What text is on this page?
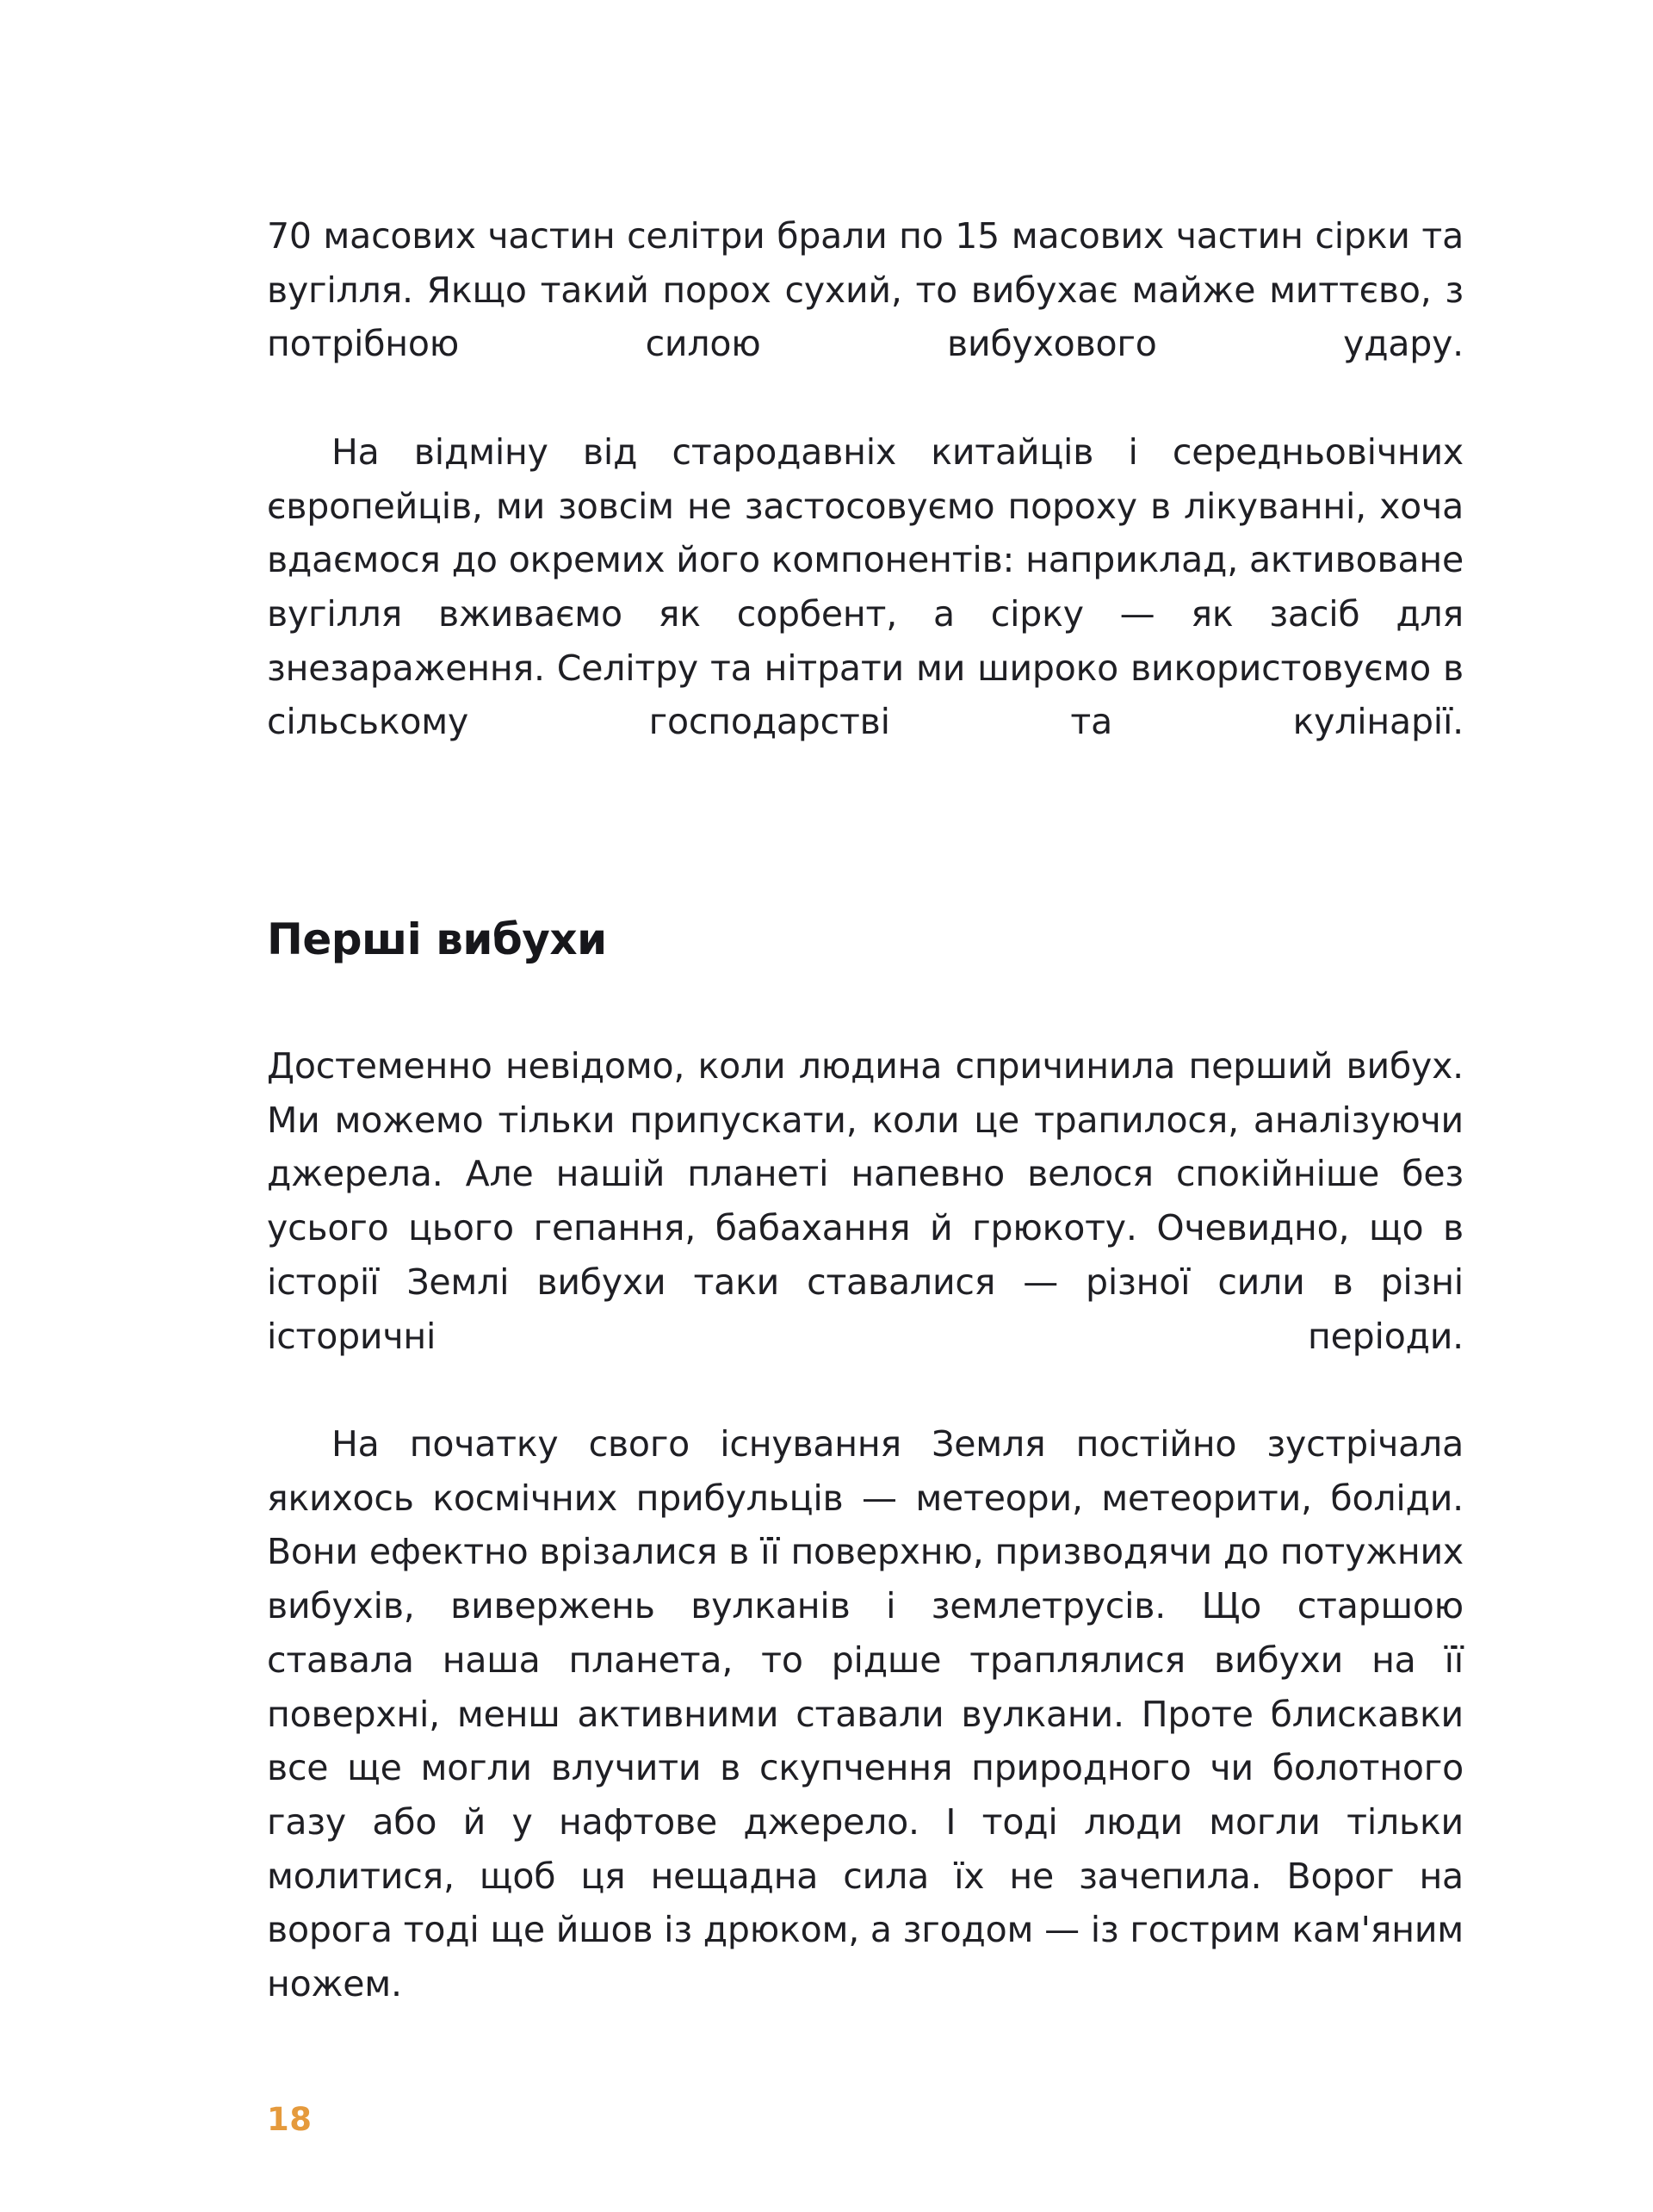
70 масових частин селітри брали по 15 масових частин сірки та вугілля. Якщо такий порох сухий, то вибухає майже миттєво, з потрібною силою вибухового удару.

На відміну від стародавніх китайців і середньовічних європейців, ми зовсім не застосовуємо пороху в лікуванні, хоча вдаємося до окремих його компонентів: наприклад, активоване вугілля вживаємо як сорбент, а сірку — як засіб для знезараження. Селітру та нітрати ми широко використовуємо в сільському господарстві та кулінарії.

Перші вибухи

Достеменно невідомо, коли людина спричинила перший вибух. Ми можемо тільки припускати, коли це трапилося, аналізуючи джерела. Але нашій планеті напевно велося спокійніше без усього цього гепання, бабахання й грюкоту. Очевидно, що в історії Землі вибухи таки ставалися — різної сили в різні історичні періоди.

На початку свого існування Земля постійно зустрічала якихось космічних прибульців — метеори, метеорити, боліди. Вони ефектно врізалися в її поверхню, призводячи до потужних вибухів, вивержень вулканів і землетрусів. Що старшою ставала наша планета, то рідше траплялися вибухи на її поверхні, менш активними ставали вулкани. Проте блискавки все ще могли влучити в скупчення природного чи болотного газу або й у нафтове джерело. І тоді люди могли тільки молитися, щоб ця нещадна сила їх не зачепила. Ворог на ворога тоді ще йшов із дрюком, а згодом — із гострим кам'яним ножем.

18
